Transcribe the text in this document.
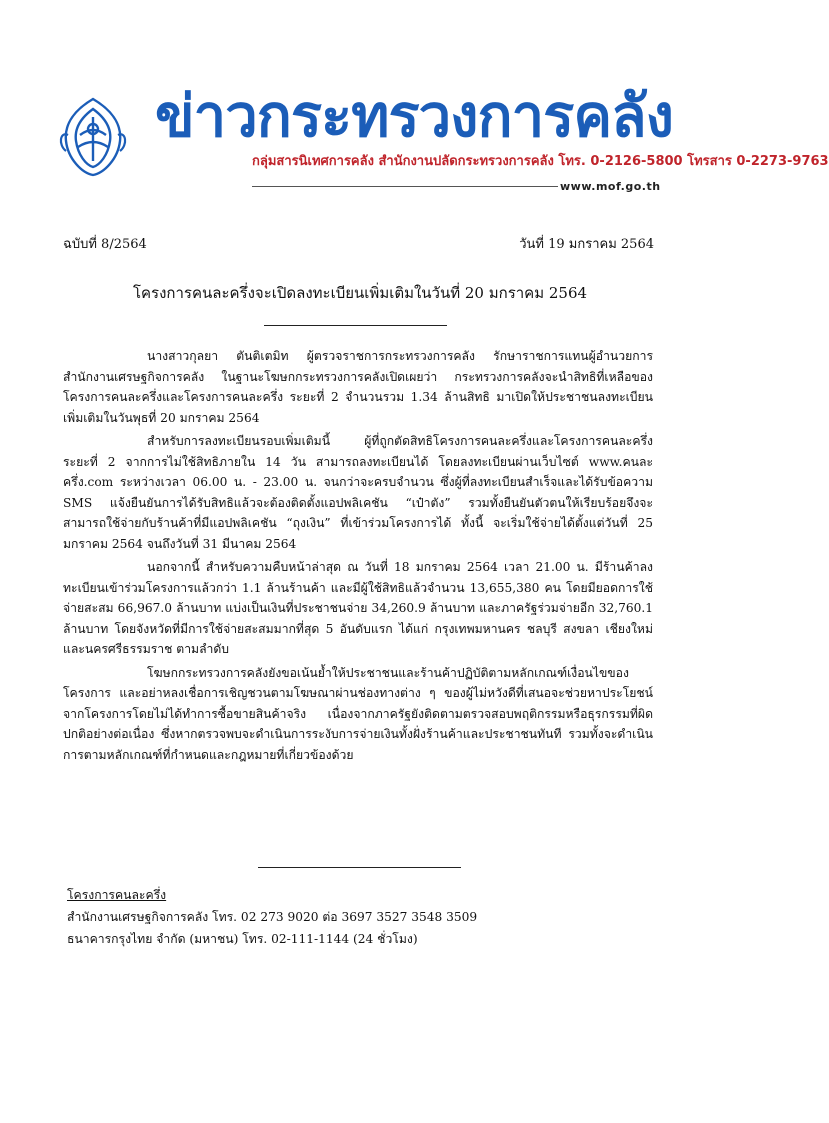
ข่าวกระทรวงการคลัง
กลุ่มสารนิเทศการคลัง สำนักงานปลัดกระทรวงการคลัง โทร. 0-2126-5800 โทรสาร 0-2273-9763
www.mof.go.th
ฉบับที่ 8/2564	วันที่ 19 มกราคม 2564
โครงการคนละครึ่งจะเปิดลงทะเบียนเพิ่มเติมในวันที่ 20 มกราคม 2564

นางสาวกุลยา ตันติเตมิท ผู้ตรวจราชการกระทรวงการคลัง รักษาราชการแทนผู้อำนวยการสำนักงานเศรษฐกิจการคลัง ในฐานะโฆษกกระทรวงการคลังเปิดเผยว่า กระทรวงการคลังจะนำสิทธิที่เหลือของโครงการคนละครึ่งและโครงการคนละครึ่ง ระยะที่ 2 จำนวนรวม 1.34 ล้านสิทธิ มาเปิดให้ประชาชนลงทะเบียนเพิ่มเติมในวันพุธที่ 20 มกราคม 2564

สำหรับการลงทะเบียนรอบเพิ่มเติมนี้ ผู้ที่ถูกตัดสิทธิโครงการคนละครึ่งและโครงการคนละครึ่ง ระยะที่ 2 จากการไม่ใช้สิทธิภายใน 14 วัน สามารถลงทะเบียนได้ โดยลงทะเบียนผ่านเว็บไซต์ www.คนละครึ่ง.com ระหว่างเวลา 06.00 น. - 23.00 น. จนกว่าจะครบจำนวน ซึ่งผู้ที่ลงทะเบียนสำเร็จและได้รับข้อความ SMS แจ้งยืนยันการได้รับสิทธิแล้วจะต้องติดตั้งแอปพลิเคชัน “เป๋าตัง” รวมทั้งยืนยันตัวตนให้เรียบร้อยจึงจะสามารถใช้จ่ายกับร้านค้าที่มีแอปพลิเคชัน “ถุงเงิน” ที่เข้าร่วมโครงการได้ ทั้งนี้ จะเริ่มใช้จ่ายได้ตั้งแต่วันที่ 25 มกราคม 2564 จนถึงวันที่ 31 มีนาคม 2564

นอกจากนี้ สำหรับความคืบหน้าล่าสุด ณ วันที่ 18 มกราคม 2564 เวลา 21.00 น. มีร้านค้าลงทะเบียนเข้าร่วมโครงการแล้วกว่า 1.1 ล้านร้านค้า และมีผู้ใช้สิทธิแล้วจำนวน 13,655,380 คน โดยมียอดการใช้จ่ายสะสม 66,967.0 ล้านบาท แบ่งเป็นเงินที่ประชาชนจ่าย 34,260.9 ล้านบาท และภาครัฐร่วมจ่ายอีก 32,760.1 ล้านบาท โดยจังหวัดที่มีการใช้จ่ายสะสมมากที่สุด 5 อันดับแรก ได้แก่ กรุงเทพมหานคร ชลบุรี สงขลา เชียงใหม่ และนครศรีธรรมราช ตามลำดับ

โฆษกกระทรวงการคลังยังขอเน้นย้ำให้ประชาชนและร้านค้าปฏิบัติตามหลักเกณฑ์เงื่อนไขของโครงการ และอย่าหลงเชื่อการเชิญชวนตามโฆษณาผ่านช่องทางต่าง ๆ ของผู้ไม่หวังดีที่เสนอจะช่วยหาประโยชน์จากโครงการโดยไม่ได้ทำการซื้อขายสินค้าจริง เนื่องจากภาครัฐยังติดตามตรวจสอบพฤติกรรมหรือธุรกรรมที่ผิดปกติอย่างต่อเนื่อง ซึ่งหากตรวจพบจะดำเนินการระงับการจ่ายเงินทั้งฝั่งร้านค้าและประชาชนทันที รวมทั้งจะดำเนินการตามหลักเกณฑ์ที่กำหนดและกฎหมายที่เกี่ยวข้องด้วย

โครงการคนละครึ่ง
สำนักงานเศรษฐกิจการคลัง โทร. 02 273 9020 ต่อ 3697 3527 3548 3509
ธนาคารกรุงไทย จำกัด (มหาชน) โทร. 02-111-1144 (24 ชั่วโมง)
